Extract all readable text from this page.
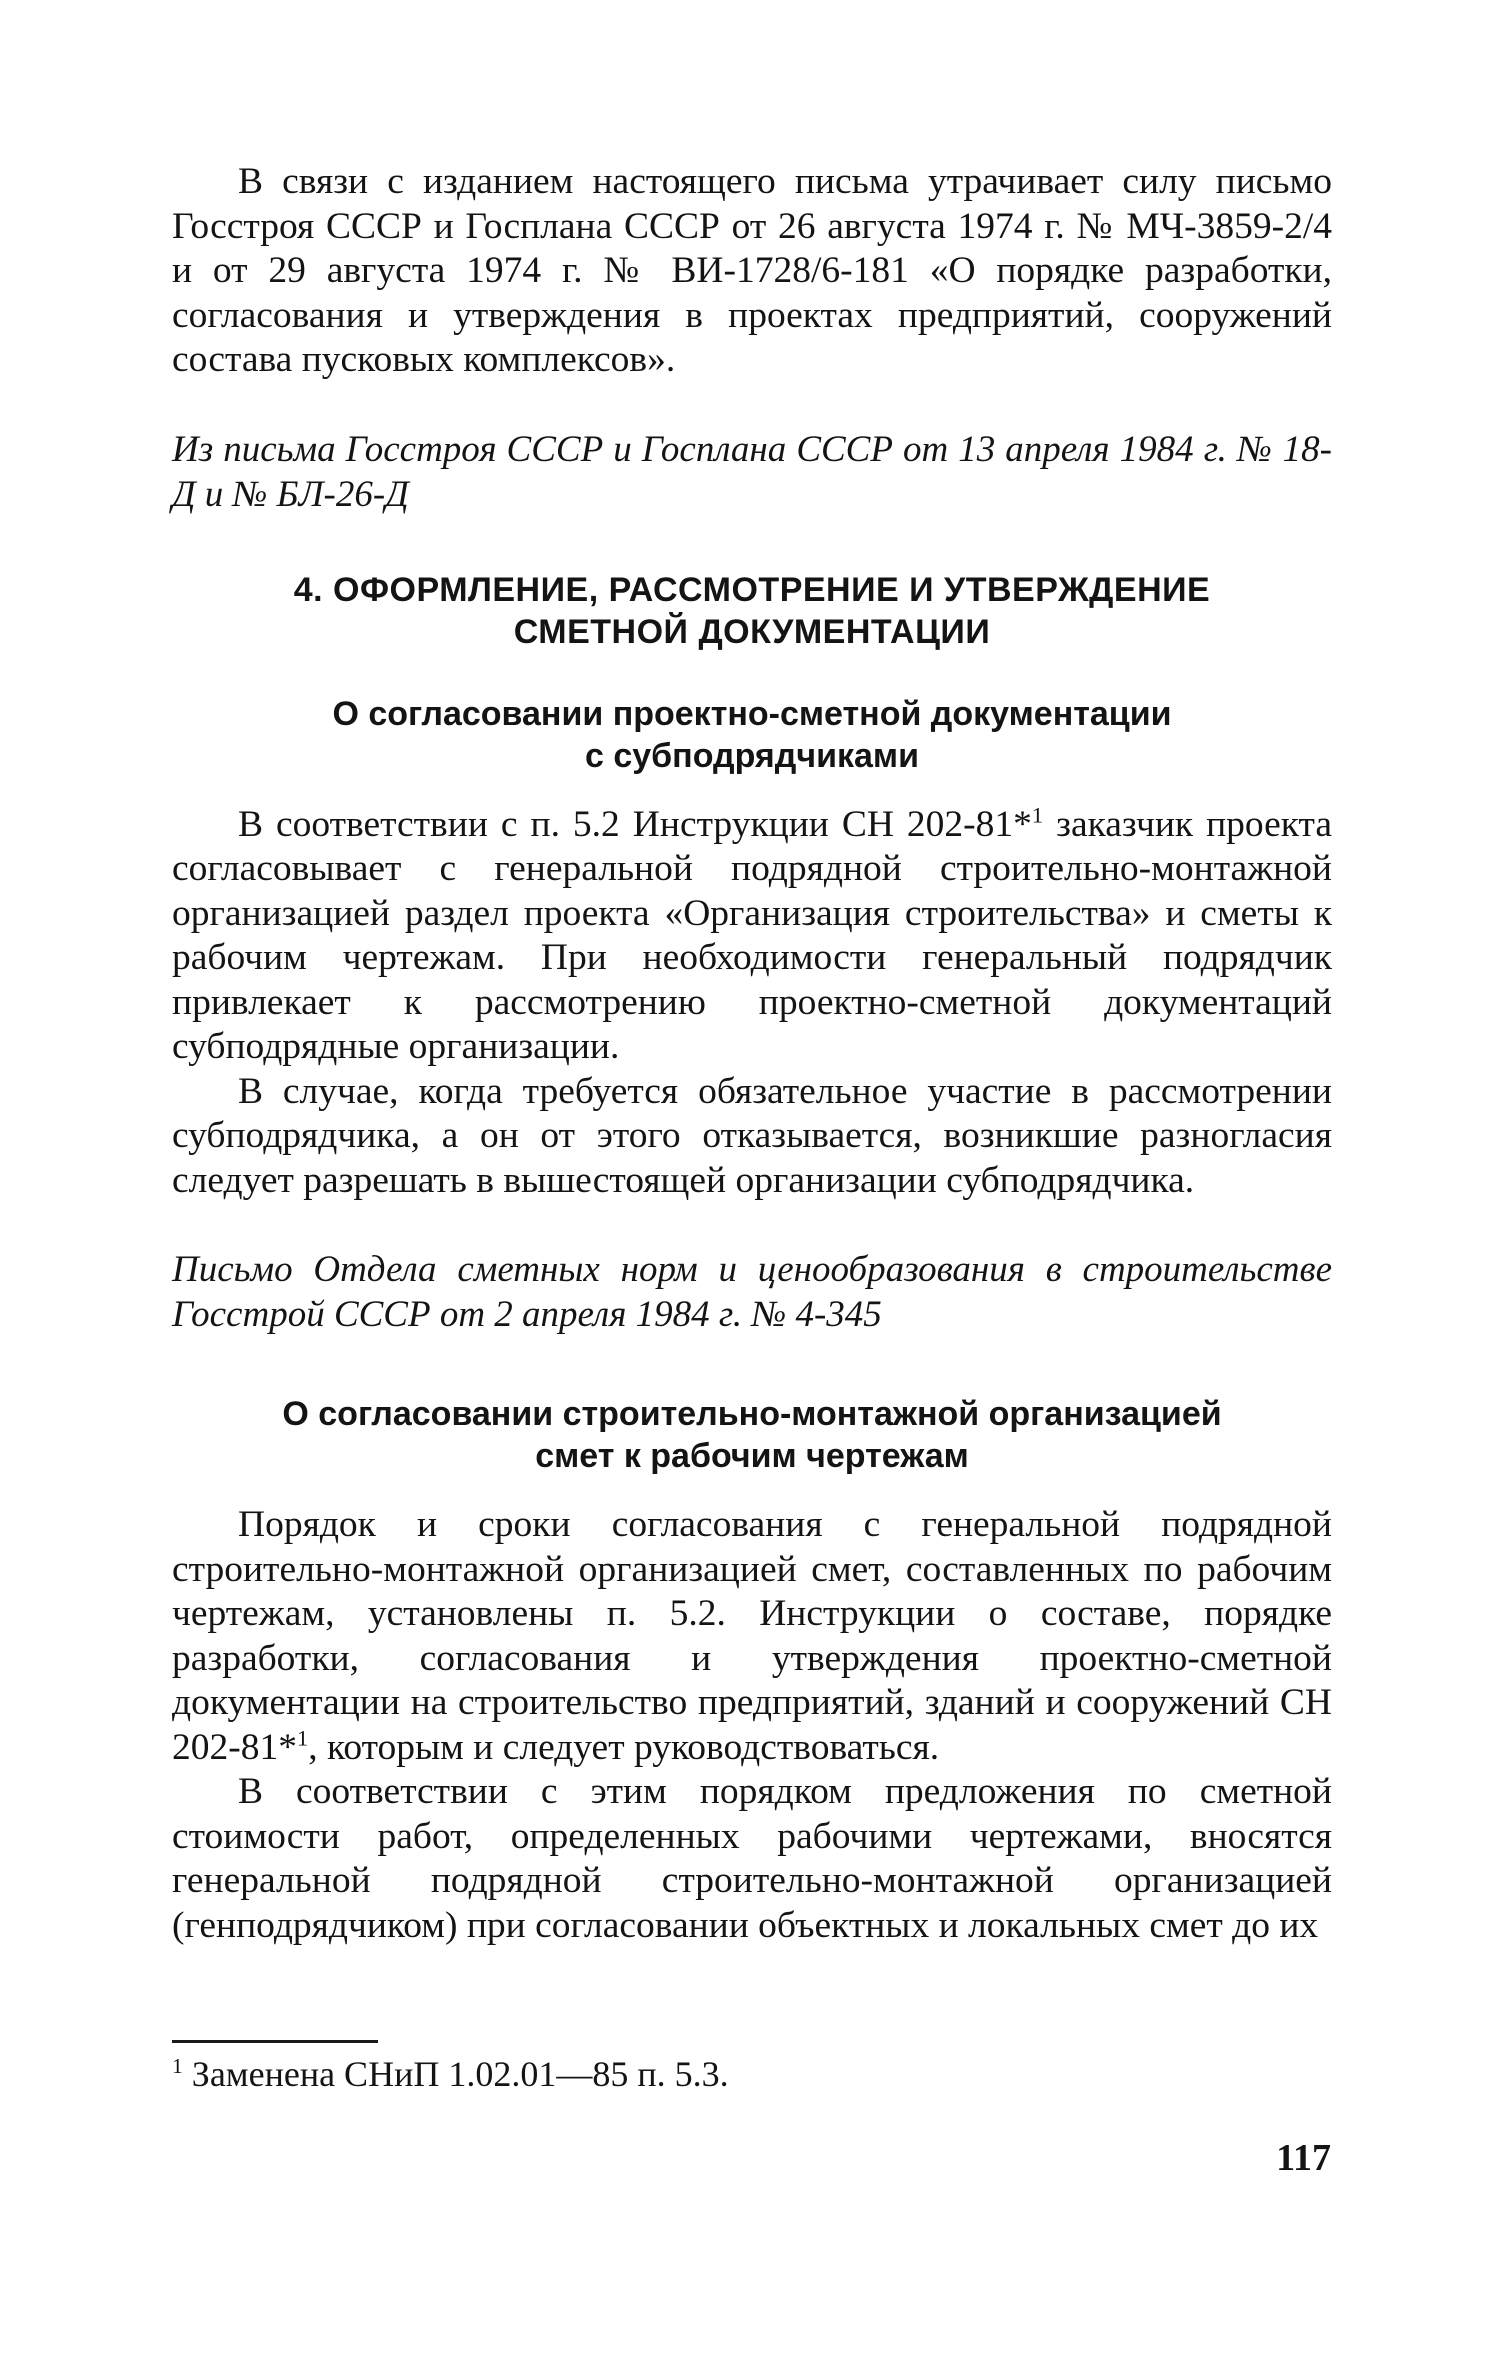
В связи с изданием настоящего письма утрачивает силу письмо Госстроя СССР и Госплана СССР от 26 августа 1974 г. № МЧ-3859-2/4 и от 29 августа 1974 г. № ВИ-1728/6-181 «О порядке разработки, согласования и утверждения в проектах предприятий, сооружений состава пусковых комплексов».

Из письма Госстроя СССР и Госплана СССР от 13 апреля 1984 г. № 18-Д и № БЛ-26-Д

4. ОФОРМЛЕНИЕ, РАССМОТРЕНИЕ И УТВЕРЖДЕНИЕ
СМЕТНОЙ ДОКУМЕНТАЦИИ
О согласовании проектно-сметной документации
с субподрядчиками

В соответствии с п. 5.2 Инструкции СН 202-81*$^1$ заказчик проекта согласовывает с генеральной подрядной строительно-монтажной организацией раздел проекта «Организация строительства» и сметы к рабочим чертежам. При необходимости генеральный подрядчик привлекает к рассмотрению проектно-сметной документаций субподрядные организации.

В случае, когда требуется обязательное участие в рассмотрении субподрядчика, а он от этого отказывается, возникшие разногласия следует разрешать в вышестоящей организации субподрядчика.

Письмо Отдела сметных норм и ценообразования в строительстве Госстрой СССР от 2 апреля 1984 г. № 4-345

О согласовании строительно-монтажной организацией
смет к рабочим чертежам

Порядок и сроки согласования с генеральной подрядной строительно-монтажной организацией смет, составленных по рабочим чертежам, установлены п. 5.2. Инструкции о составе, порядке разработки, согласования и утверждения проектно-сметной документации на строительство предприятий, зданий и сооружений СН 202-81*$^1$, которым и следует руководствоваться.

В соответствии с этим порядком предложения по сметной стоимости работ, определенных рабочими чертежами, вносятся генеральной подрядной строительно-монтажной организацией (генподрядчиком) при согласовании объектных и локальных смет до их

$^1$ Заменена СНиП 1.02.01—85 п. 5.3.
117
